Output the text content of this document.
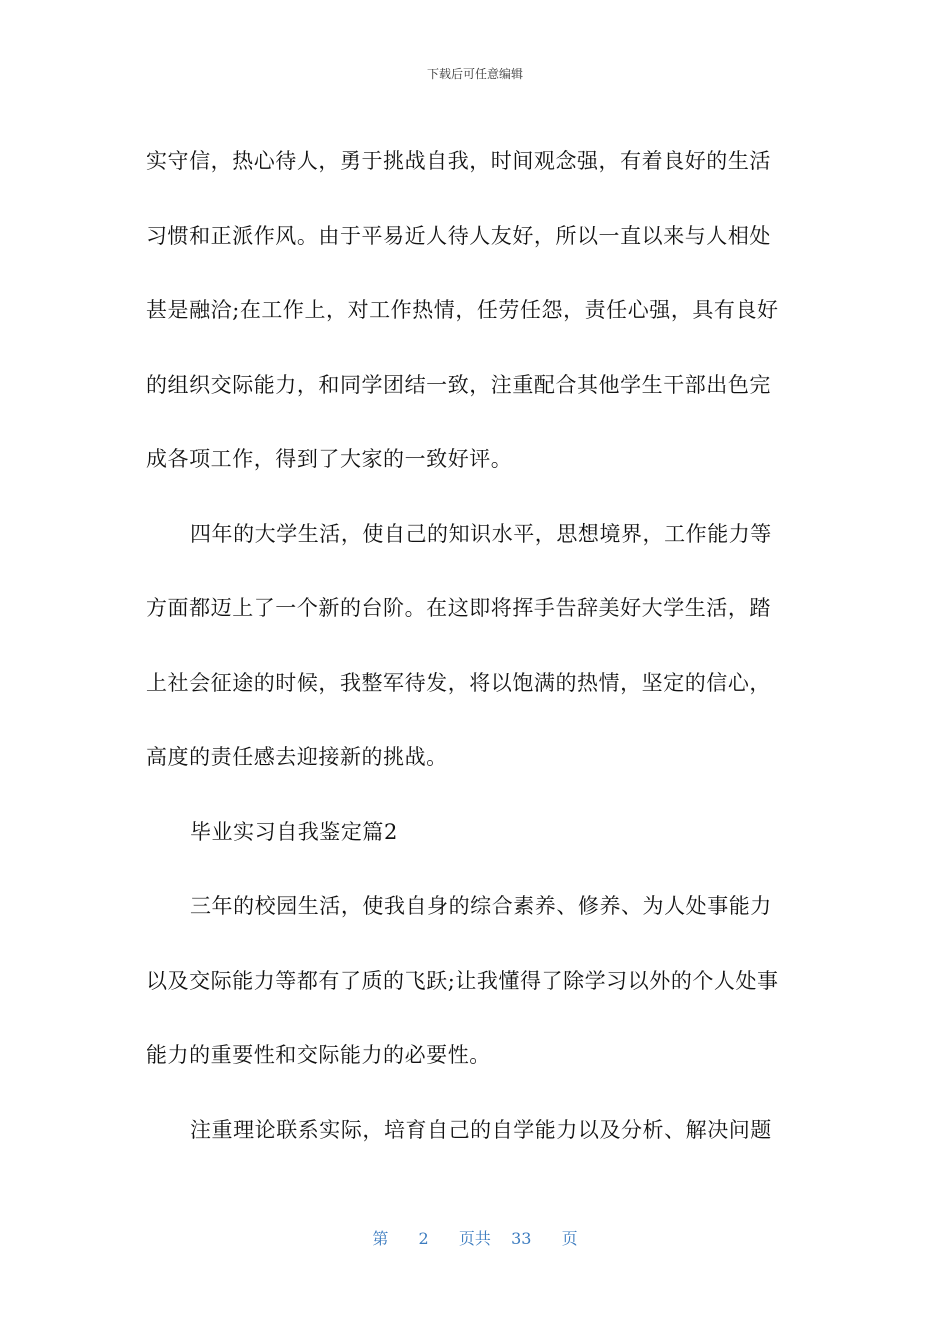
下载后可任意编辑

实守信，热心待人，勇于挑战自我，时间观念强，有着良好的生活
习惯和正派作风。由于平易近人待人友好，所以一直以来与人相处
甚是融洽;在工作上，对工作热情，任劳任怨，责任心强，具有良好
的组织交际能力，和同学团结一致，注重配合其他学生干部出色完
成各项工作，得到了大家的一致好评。

四年的大学生活，使自己的知识水平，思想境界，工作能力等
方面都迈上了一个新的台阶。在这即将挥手告辞美好大学生活，踏
上社会征途的时候，我整军待发，将以饱满的热情，坚定的信心，
高度的责任感去迎接新的挑战。

毕业实习自我鉴定篇2

三年的校园生活，使我自身的综合素养、修养、为人处事能力
以及交际能力等都有了质的飞跃;让我懂得了除学习以外的个人处事
能力的重要性和交际能力的必要性。

注重理论联系实际，培育自己的自学能力以及分析、解决问题

第 2 页共 33 页
